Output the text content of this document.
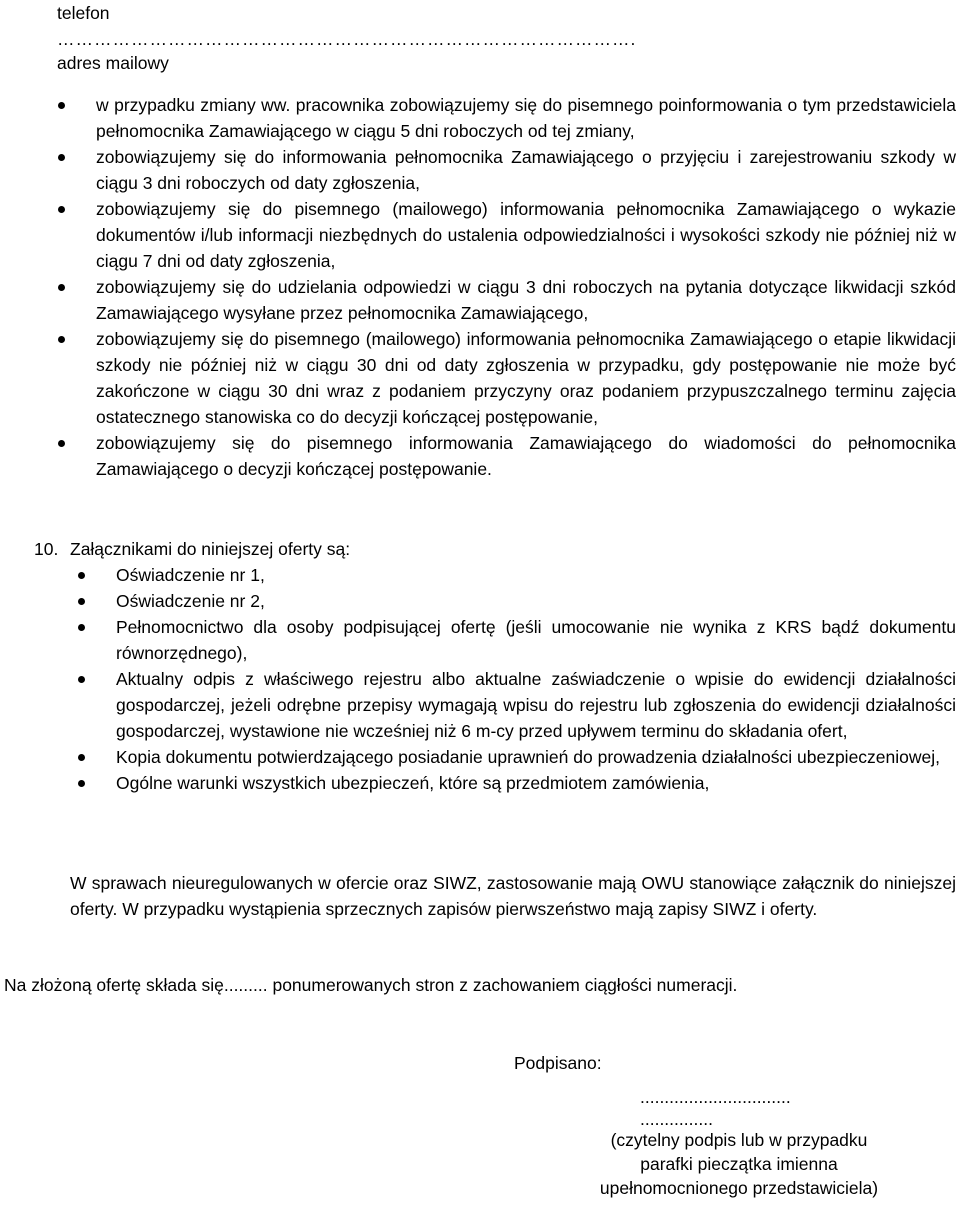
telefon

………………………………………………………………………………….

adres mailowy

w przypadku zmiany ww. pracownika zobowiązujemy się do pisemnego poinformowania o tym przedstawiciela pełnomocnika Zamawiającego w ciągu 5 dni roboczych od tej zmiany,
zobowiązujemy się do informowania pełnomocnika Zamawiającego o przyjęciu i zarejestrowaniu szkody w ciągu 3 dni roboczych od daty zgłoszenia,
zobowiązujemy się do pisemnego (mailowego) informowania pełnomocnika Zamawiającego o wykazie dokumentów i/lub informacji niezbędnych do ustalenia odpowiedzialności i wysokości szkody nie później niż w ciągu 7 dni od daty zgłoszenia,
zobowiązujemy się do udzielania odpowiedzi w ciągu 3 dni roboczych na pytania dotyczące likwidacji szkód Zamawiającego wysyłane przez pełnomocnika Zamawiającego,
zobowiązujemy się do pisemnego (mailowego) informowania pełnomocnika Zamawiającego o etapie likwidacji szkody nie później niż w ciągu 30 dni od daty zgłoszenia w przypadku, gdy postępowanie nie może być zakończone w ciągu 30 dni wraz z podaniem przyczyny oraz podaniem przypuszczalnego terminu zajęcia ostatecznego stanowiska co do decyzji kończącej postępowanie,
zobowiązujemy się do pisemnego informowania Zamawiającego do wiadomości do pełnomocnika Zamawiającego o decyzji kończącej postępowanie.

10. Załącznikami do niniejszej oferty są:

Oświadczenie nr 1,
Oświadczenie nr 2,
Pełnomocnictwo dla osoby podpisującej ofertę (jeśli umocowanie nie wynika z KRS bądź dokumentu równorzędnego),
Aktualny odpis z właściwego rejestru albo aktualne zaświadczenie o wpisie do ewidencji działalności gospodarczej, jeżeli odrębne przepisy wymagają wpisu do rejestru lub zgłoszenia do ewidencji działalności gospodarczej, wystawione nie wcześniej niż 6 m-cy przed upływem terminu do składania ofert,
Kopia dokumentu potwierdzającego posiadanie uprawnień do prowadzenia działalności ubezpieczeniowej,
Ogólne warunki wszystkich ubezpieczeń, które są przedmiotem zamówienia,

W sprawach nieuregulowanych w ofercie oraz SIWZ, zastosowanie mają OWU stanowiące załącznik do niniejszej oferty. W przypadku wystąpienia sprzecznych zapisów pierwszeństwo mają zapisy SIWZ i oferty.

Na złożoną ofertę składa się......... ponumerowanych stron z zachowaniem ciągłości numeracji.

Podpisano:

...............................

...............

(czytelny podpis lub w przypadku parafki pieczątka imienna upełnomocnionego przedstawiciela)
